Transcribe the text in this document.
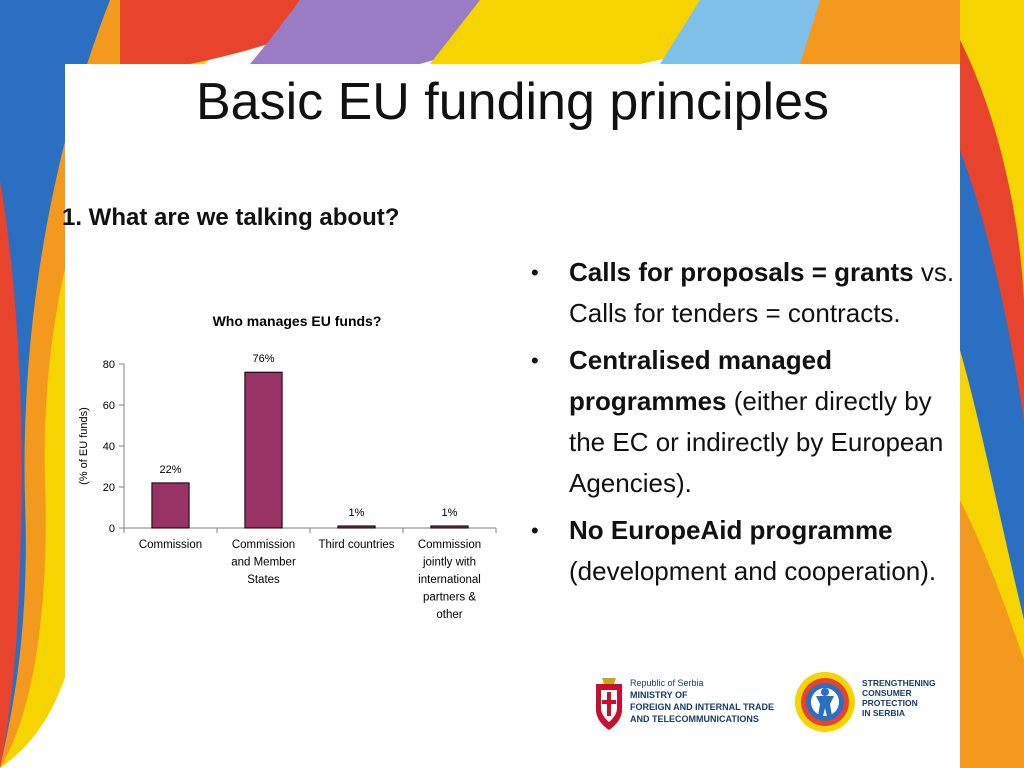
Basic EU funding principles
1. What are we talking about?
• Calls for proposals = grants vs. Calls for tenders = contracts.
• Centralised managed programmes (either directly by the EC or indirectly by European Agencies).
• No EuropeAid programme (development and cooperation).
Republic of Serbia
MINISTRY OF
FOREIGN AND INTERNAL TRADE
AND TELECOMMUNICATIONS
STRENGTHENING
CONSUMER
PROTECTION
IN SERBIA
Who manages EU funds?
(% of EU funds)
0
20
40
60
80
22%
Commission
76%
Commission
and Member
States
1%
Third countries
1%
Commission
jointly with
international
partners &
other
